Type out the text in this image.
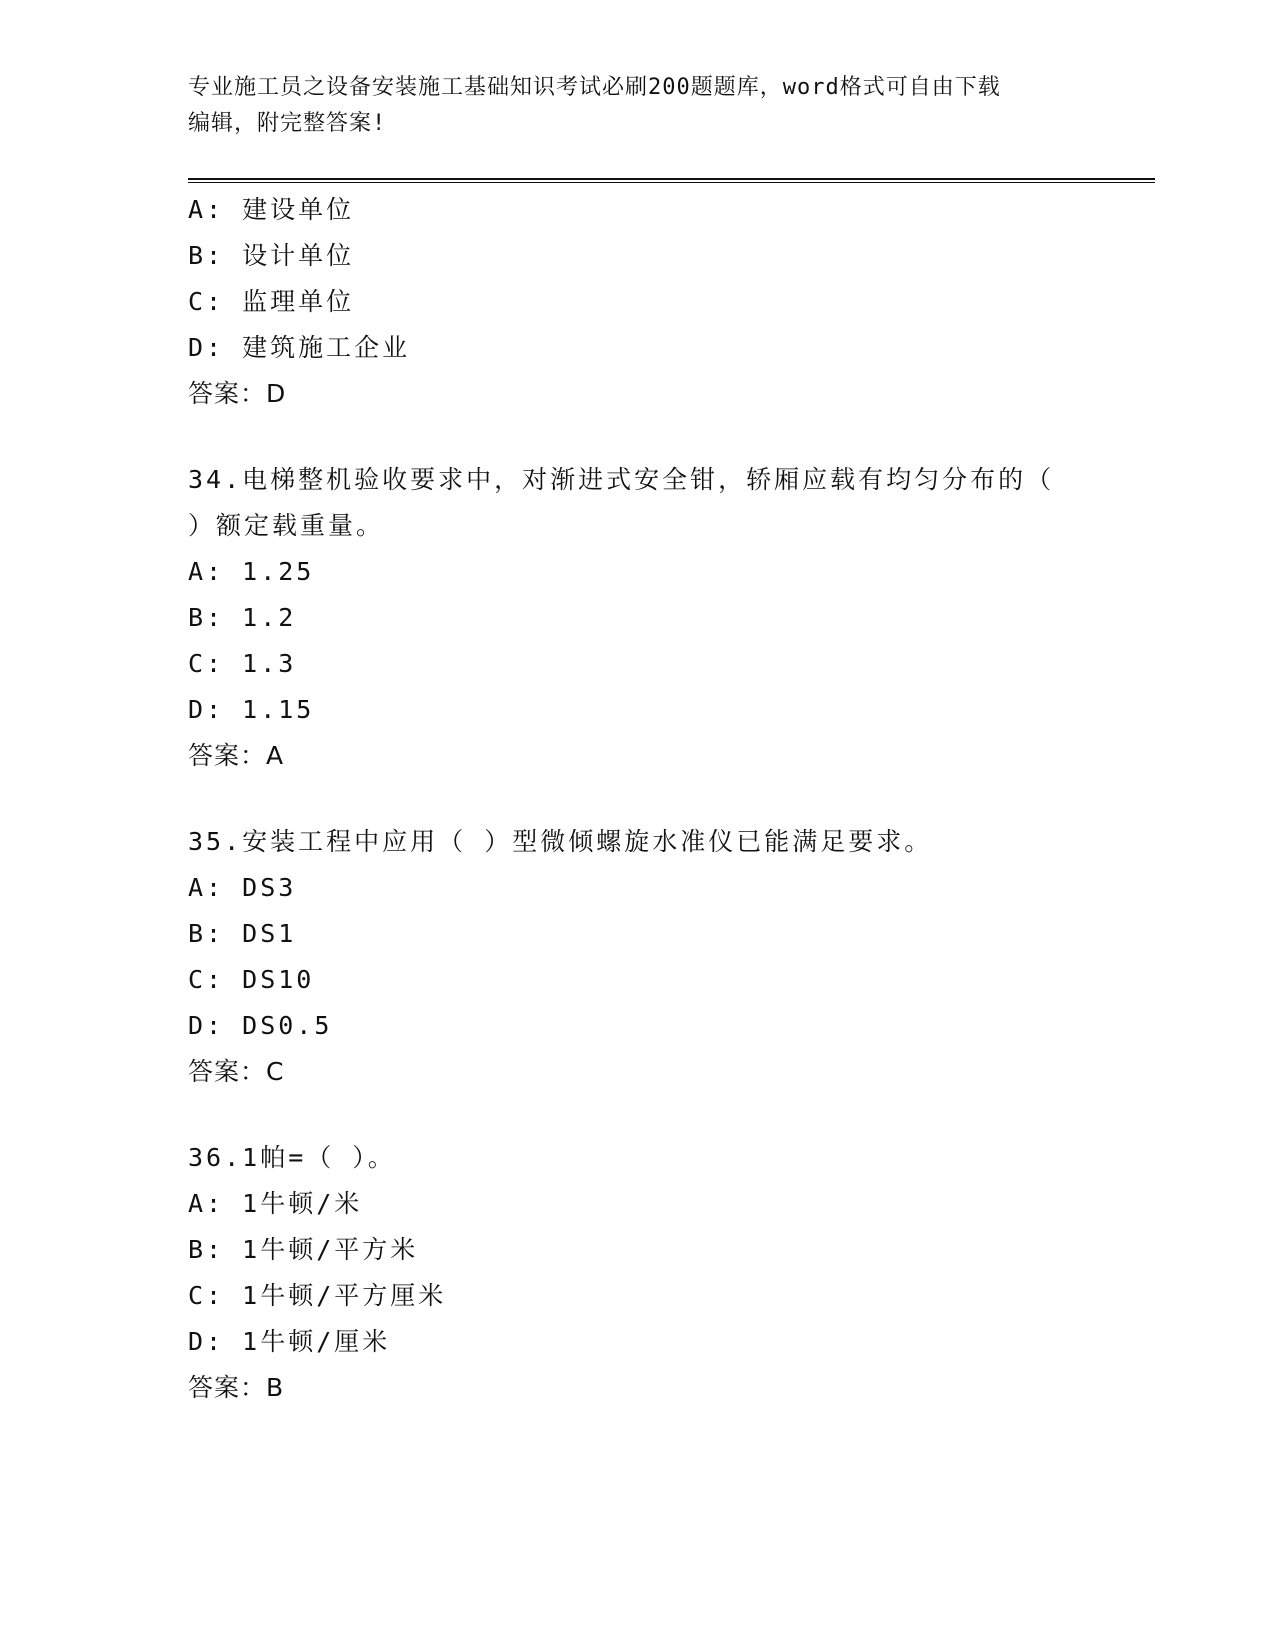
专业施工员之设备安装施工基础知识考试必刷200题题库，word格式可自由下载
编辑，附完整答案!
A: 建设单位
B: 设计单位
C: 监理单位
D: 建筑施工企业
答案：D
34.电梯整机验收要求中，对渐进式安全钳，轿厢应载有均匀分布的（
）额定载重量。
A: 1.25
B: 1.2
C: 1.3
D: 1.15
答案：A
35.安装工程中应用（ ）型微倾螺旋水准仪已能满足要求。
A: DS3
B: DS1
C: DS10
D: DS0.5
答案：C
36.1帕=（ ）。
A: 1牛顿/米
B: 1牛顿/平方米
C: 1牛顿/平方厘米
D: 1牛顿/厘米
答案：B
